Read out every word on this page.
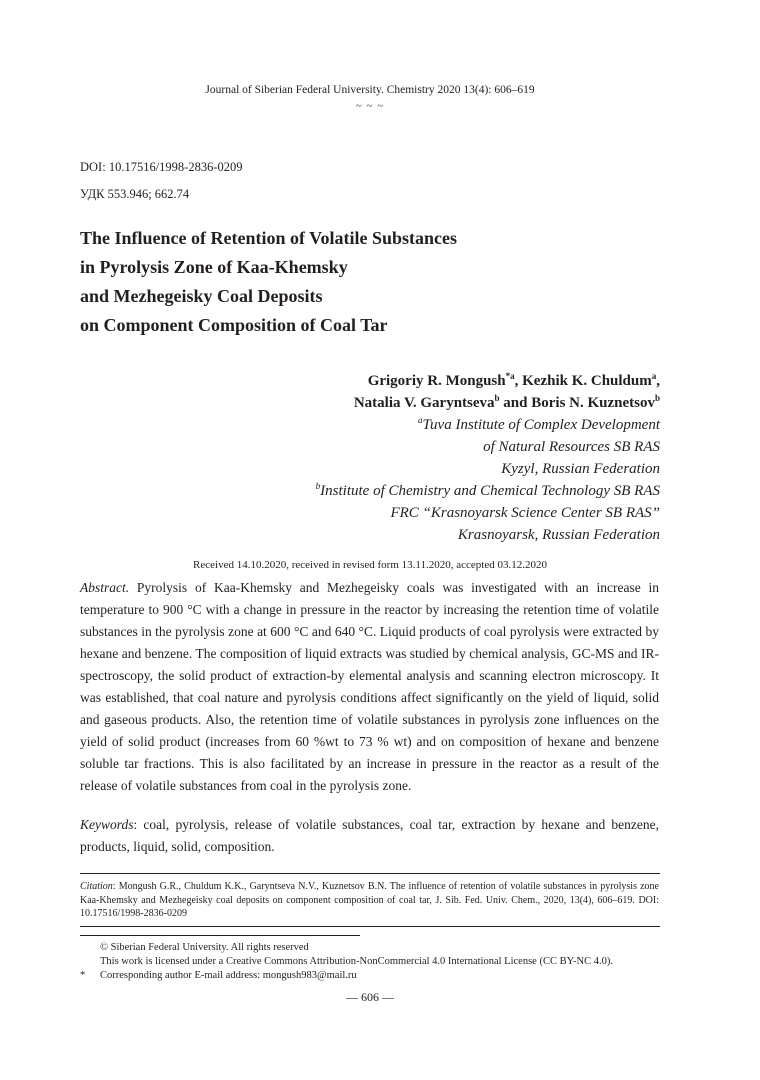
Journal of Siberian Federal University. Chemistry 2020 13(4): 606–619
~ ~ ~
DOI: 10.17516/1998-2836-0209
УДК 553.946; 662.74
The Influence of Retention of Volatile Substances
in Pyrolysis Zone of Kaa-Khemsky
and Mezhegeisky Coal Deposits
on Component Composition of Coal Tar
Grigoriy R. Mongush$^{*a}$, Kezhik K. Chuldum$^a$,
Natalia V. Garyntseva$^b$ and Boris N. Kuznetsov$^b$
$^a$Tuva Institute of Complex Development
of Natural Resources SB RAS
Kyzyl, Russian Federation
$^b$Institute of Chemistry and Chemical Technology SB RAS
FRC “Krasnoyarsk Science Center SB RAS”
Krasnoyarsk, Russian Federation
Received 14.10.2020, received in revised form 13.11.2020, accepted 03.12.2020
Abstract. Pyrolysis of Kaa-Khemsky and Mezhegeisky coals was investigated with an increase in temperature to 900 °C with a change in pressure in the reactor by increasing the retention time of volatile substances in the pyrolysis zone at 600 °C and 640 °C. Liquid products of coal pyrolysis were extracted by hexane and benzene. The composition of liquid extracts was studied by chemical analysis, GC-MS and IR-spectroscopy, the solid product of extraction-by elemental analysis and scanning electron microscopy. It was established, that coal nature and pyrolysis conditions affect significantly on the yield of liquid, solid and gaseous products. Also, the retention time of volatile substances in pyrolysis zone influences on the yield of solid product (increases from 60 %wt to 73 % wt) and on composition of hexane and benzene soluble tar fractions. This is also facilitated by an increase in pressure in the reactor as a result of the release of volatile substances from coal in the pyrolysis zone.
Keywords: coal, pyrolysis, release of volatile substances, coal tar, extraction by hexane and benzene, products, liquid, solid, composition.
Citation: Mongush G.R., Chuldum K.K., Garyntseva N.V., Kuznetsov B.N. The influence of retention of volatile substances in pyrolysis zone Kaa-Khemsky and Mezhegeisky coal deposits on component composition of coal tar, J. Sib. Fed. Univ. Chem., 2020, 13(4), 606–619. DOI: 10.17516/1998-2836-0209
© Siberian Federal University. All rights reserved
This work is licensed under a Creative Commons Attribution-NonCommercial 4.0 International License (CC BY-NC 4.0).
* Corresponding author E-mail address: mongush983@mail.ru
— 606 —
